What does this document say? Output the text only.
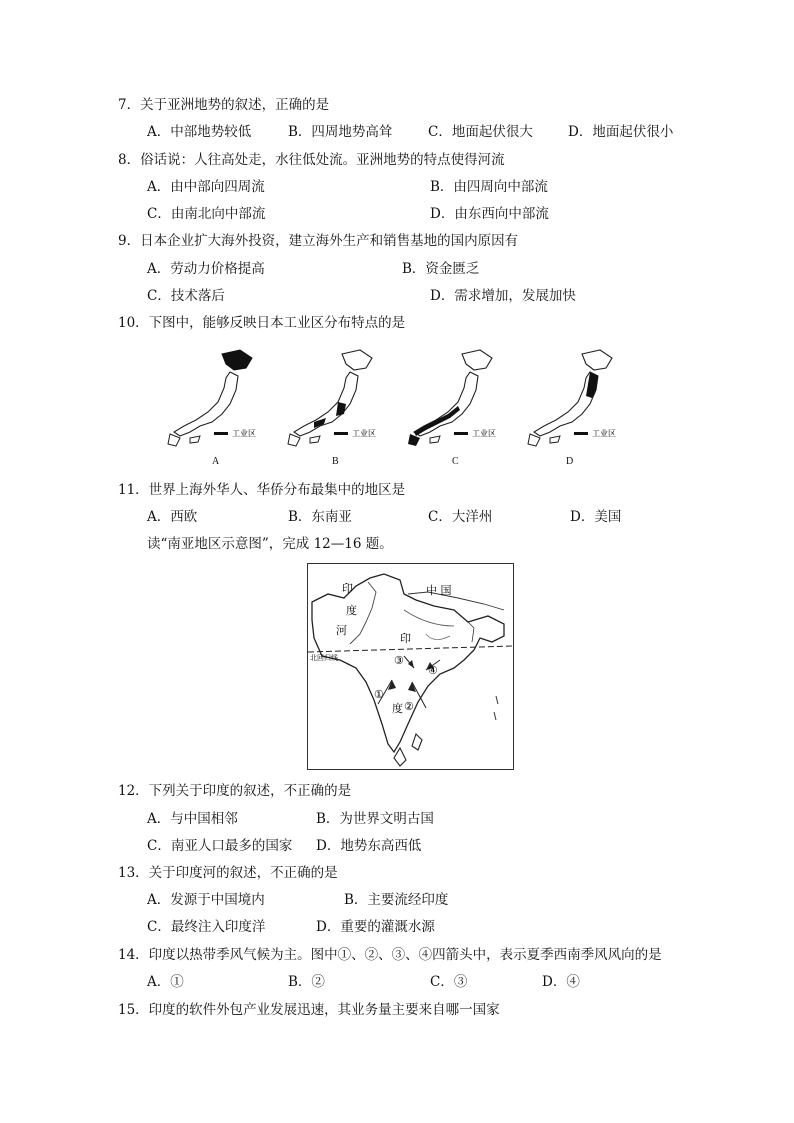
7．关于亚洲地势的叙述，正确的是
A．中部地势较低	B．四周地势高耸	C．地面起伏很大	D．地面起伏很小
8．俗话说：人往高处走，水往低处流。亚洲地势的特点使得河流
A．由中部向四周流	B．由四周向中部流
C．由南北向中部流	D．由东西向中部流
9．日本企业扩大海外投资，建立海外生产和销售基地的国内原因有
A．劳动力价格提高	B．资金匮乏
C．技术落后	D．需求增加，发展加快
10．下图中，能够反映日本工业区分布特点的是
工业区
A
工业区
B
工业区
C
工业区
D
11．世界上海外华人、华侨分布最集中的地区是
A．西欧	B．东南亚	C．大洋州	D．美国
读“南亚地区示意图”，完成 12—16 题。
中 国
印
度
河
印
度
北回归线
①
②
③
④
12．下列关于印度的叙述，不正确的是
A．与中国相邻	B．为世界文明古国
C．南亚人口最多的国家 D．地势东高西低
13．关于印度河的叙述，不正确的是
A．发源于中国境内	B．主要流经印度
C．最终注入印度洋	D．重要的灌溉水源
14．印度以热带季风气候为主。图中①、②、③、④四箭头中，表示夏季西南季风风向的是
A．①	B．②	C．③	D．④
15．印度的软件外包产业发展迅速，其业务量主要来自哪一国家
